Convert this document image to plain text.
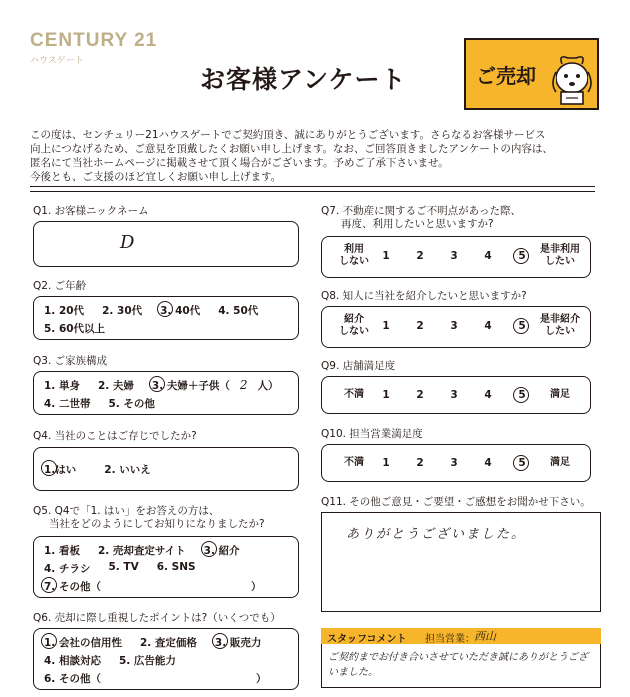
CENTURY 21
ハウスゲート
お客様アンケート	ご売却
この度は、センチュリー21ハウスゲートでご契約頂き、誠にありがとうございます。さらなるお客様サービス
向上につなげるため、ご意見を頂戴したくお願い申し上げます。なお、ご回答頂きましたアンケートの内容は、
匿名にて当社ホームページに掲載させて頂く場合がございます。予めご了承下さいませ。
今後とも、ご支援のほど宜しくお願い申し上げます。
Q1. お客様ニックネーム
D
Q2. ご年齢
1. 20代 2. 30代 3. 40代 4. 50代
5. 60代以上
Q3. ご家族構成
1. 単身 2. 夫婦 3. 夫婦＋子供（ 2 人）
4. 二世帯 5. その他
Q4. 当社のことはご存じでしたか?
1.はい	2. いいえ
Q5. Q4で「1. はい」をお答えの方は、
当社をどのようにしてお知りになりましたか?
1. 看板 2. 売却査定サイト 3. 紹介
4. チラシ 5. TV 6. SNS
7. その他（	）
Q6. 売却に際し重視したポイントは?（いくつでも）
1. 会社の信用性 2. 査定価格 3. 販売力
4. 相談対応 5. 広告能力
6. その他（	）
Q7. 不動産に関するご不明点があった際、
再度、利用したいと思いますか?
利用
しない	1	2	3	4	5
是非利用
したい
Q8. 知人に当社を紹介したいと思いますか?
紹介
しない	1	2	3	4	5
是非紹介
したい
Q9. 店舗満足度
不満	1	2	3	4	5	満足
Q10. 担当営業満足度
不満	1	2	3	4	5	満足
Q11. その他ご意見・ご要望・ご感想をお聞かせ下さい。
ありがとうございました。
スタッフコメント 担当営業： 西山
ご契約までお付き合いさせていただき誠にありがとうございました。
